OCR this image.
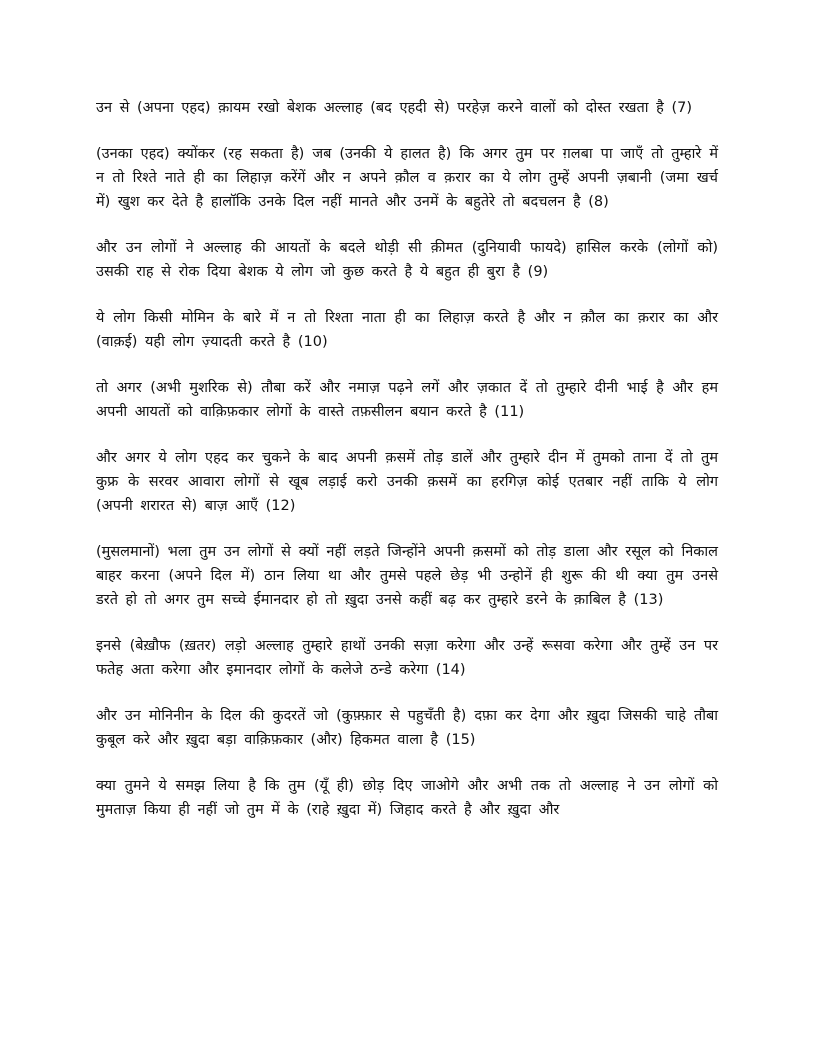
उन से (अपना एहद) क़ायम रखो बेशक अल्लाह (बद एहदी से) परहेज़ करने वालों को दोस्त रखता है (7)

(उनका एहद) क्योंकर (रह सकता है) जब (उनकी ये हालत है) कि अगर तुम पर ग़लबा पा जाएँ तो तुम्हारे में न तो रिश्ते नाते ही का लिहाज़ करेंगें और न अपने क़ौल व क़रार का ये लोग तुम्हें अपनी ज़बानी (जमा खर्च में) खुश कर देते है हालॉकि उनके दिल नहीं मानते और उनमें के बहुतेरे तो बदचलन है (8)

और उन लोगों ने अल्लाह की आयतों के बदले थोड़ी सी क़ीमत (दुनियावी फायदे) हासिल करके (लोगों को) उसकी राह से रोक दिया बेशक ये लोग जो कुछ करते है ये बहुत ही बुरा है (9)

ये लोग किसी मोमिन के बारे में न तो रिश्ता नाता ही का लिहाज़ करते है और न क़ौल का क़रार का और (वाक़ई) यही लोग ज़्यादती करते है (10)

तो अगर (अभी मुशरिक से) तौबा करें और नमाज़ पढ़ने लगें और ज़कात दें तो तुम्हारे दीनी भाई है और हम अपनी आयतों को वाक़िफ़कार लोगों के वास्ते तफ़सीलन बयान करते है (11)

और अगर ये लोग एहद कर चुकने के बाद अपनी क़समें तोड़ डालें और तुम्हारे दीन में तुमको ताना दें तो तुम कुफ्र के सरवर आवारा लोगों से खूब लड़ाई करो उनकी क़समें का हरगिज़ कोई एतबार नहीं ताकि ये लोग (अपनी शरारत से) बाज़ आएँ (12)

(मुसलमानों) भला तुम उन लोगों से क्यों नहीं लड़ते जिन्होंने अपनी क़समों को तोड़ डाला और रसूल को निकाल बाहर करना (अपने दिल में) ठान लिया था और तुमसे पहले छेड़ भी उन्होनें ही शुरू की थी क्या तुम उनसे डरते हो तो अगर तुम सच्चे ईमानदार हो तो ख़ुदा उनसे कहीं बढ़ कर तुम्हारे डरने के क़ाबिल है (13)

इनसे (बेख़ौफ (ख़तर) लड़ो अल्लाह तुम्हारे हाथों उनकी सज़ा करेगा और उन्हें रूसवा करेगा और तुम्हें उन पर फतेह अता करेगा और इमानदार लोगों के कलेजे ठन्डे करेगा (14)

और उन मोनिनीन के दिल की कुदरतें जो (कुफ़्फ़ार से पहुचँती है) दफ़ा कर देगा और ख़ुदा जिसकी चाहे तौबा कुबूल करे और ख़ुदा बड़ा वाक़िफ़कार (और) हिकमत वाला है (15)

क्या तुमने ये समझ लिया है कि तुम (यूँ ही) छोड़ दिए जाओगे और अभी तक तो अल्लाह ने उन लोगों को मुमताज़ किया ही नहीं जो तुम में के (राहे ख़ुदा में) जिहाद करते है और ख़ुदा और
